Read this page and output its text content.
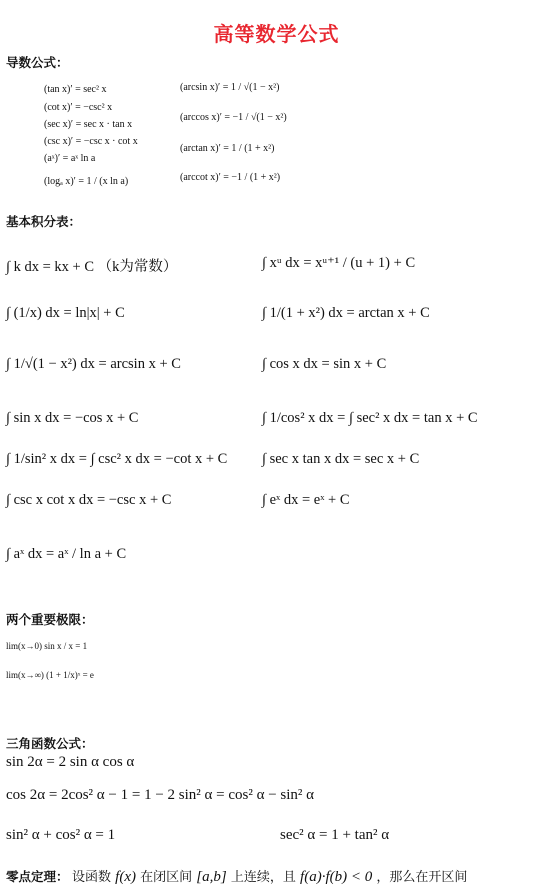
高等数学公式
导数公式：
(tan x)′ = sec² x
(cot x)′ = −csc² x
(sec x)′ = sec x · tan x
(csc x)′ = −csc x · cot x
(aˣ)′ = aˣ ln a
(logₐ x)′ = 1 / (x ln a)
(arcsin x)′ = 1 / √(1 − x²)
(arccos x)′ = −1 / √(1 − x²)
(arctan x)′ = 1 / (1 + x²)
(arccot x)′ = −1 / (1 + x²)
基本积分表：
∫ k dx = kx + C （k为常数）
∫ (1/x) dx = ln|x| + C
∫ 1/√(1 − x²) dx = arcsin x + C
∫ sin x dx = −cos x + C
∫ 1/sin² x dx = ∫ csc² x dx = −cot x + C
∫ csc x cot x dx = −csc x + C
∫ aˣ dx = aˣ / ln a + C
∫ xᵘ dx = xᵘ⁺¹ / (u + 1) + C
∫ 1/(1 + x²) dx = arctan x + C
∫ cos x dx = sin x + C
∫ 1/cos² x dx = ∫ sec² x dx = tan x + C
∫ sec x tan x dx = sec x + C
∫ eˣ dx = eˣ + C
两个重要极限：
lim(x→0) sin x / x = 1
lim(x→∞) (1 + 1/x)ˣ = e
三角函数公式：
sin 2α = 2 sin α cos α
cos 2α = 2cos² α − 1 = 1 − 2 sin² α = cos² α − sin² α
sin² α + cos² α = 1	sec² α = 1 + tan² α
零点定理： 设函数 f(x) 在闭区间 [a,b] 上连续，且 f(a)·f(b) < 0 ，那么在开区间
